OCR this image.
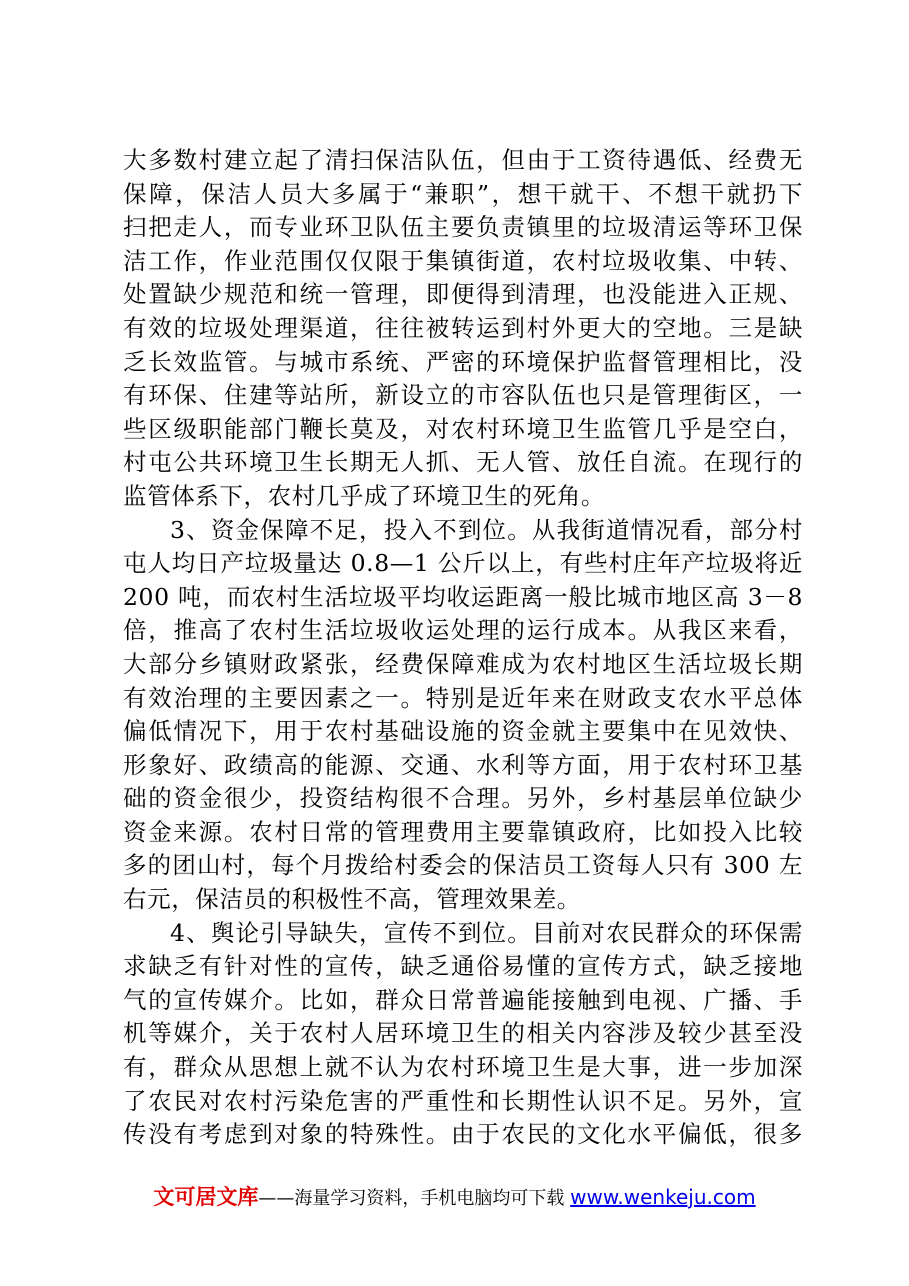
大多数村建立起了清扫保洁队伍，但由于工资待遇低、经费无
保障，保洁人员大多属于“兼职”，想干就干、不想干就扔下
扫把走人，而专业环卫队伍主要负责镇里的垃圾清运等环卫保
洁工作，作业范围仅仅限于集镇街道，农村垃圾收集、中转、
处置缺少规范和统一管理，即便得到清理，也没能进入正规、
有效的垃圾处理渠道，往往被转运到村外更大的空地。三是缺
乏长效监管。与城市系统、严密的环境保护监督管理相比，没
有环保、住建等站所，新设立的市容队伍也只是管理街区，一
些区级职能部门鞭长莫及，对农村环境卫生监管几乎是空白，
村屯公共环境卫生长期无人抓、无人管、放任自流。在现行的
监管体系下，农村几乎成了环境卫生的死角。
3、资金保障不足，投入不到位。从我街道情况看，部分村
屯人均日产垃圾量达 0.8—1 公斤以上，有些村庄年产垃圾将近
200 吨，而农村生活垃圾平均收运距离一般比城市地区高 3－8
倍，推高了农村生活垃圾收运处理的运行成本。从我区来看，
大部分乡镇财政紧张，经费保障难成为农村地区生活垃圾长期
有效治理的主要因素之一。特别是近年来在财政支农水平总体
偏低情况下，用于农村基础设施的资金就主要集中在见效快、
形象好、政绩高的能源、交通、水利等方面，用于农村环卫基
础的资金很少，投资结构很不合理。另外，乡村基层单位缺少
资金来源。农村日常的管理费用主要靠镇政府，比如投入比较
多的团山村，每个月拨给村委会的保洁员工资每人只有 300 左
右元，保洁员的积极性不高，管理效果差。
4、舆论引导缺失，宣传不到位。目前对农民群众的环保需
求缺乏有针对性的宣传，缺乏通俗易懂的宣传方式，缺乏接地
气的宣传媒介。比如，群众日常普遍能接触到电视、广播、手
机等媒介，关于农村人居环境卫生的相关内容涉及较少甚至没
有，群众从思想上就不认为农村环境卫生是大事，进一步加深
了农民对农村污染危害的严重性和长期性认识不足。另外，宣
传没有考虑到对象的特殊性。由于农民的文化水平偏低，很多
文可居文库——海量学习资料，手机电脑均可下载 www.wenkeju.com
